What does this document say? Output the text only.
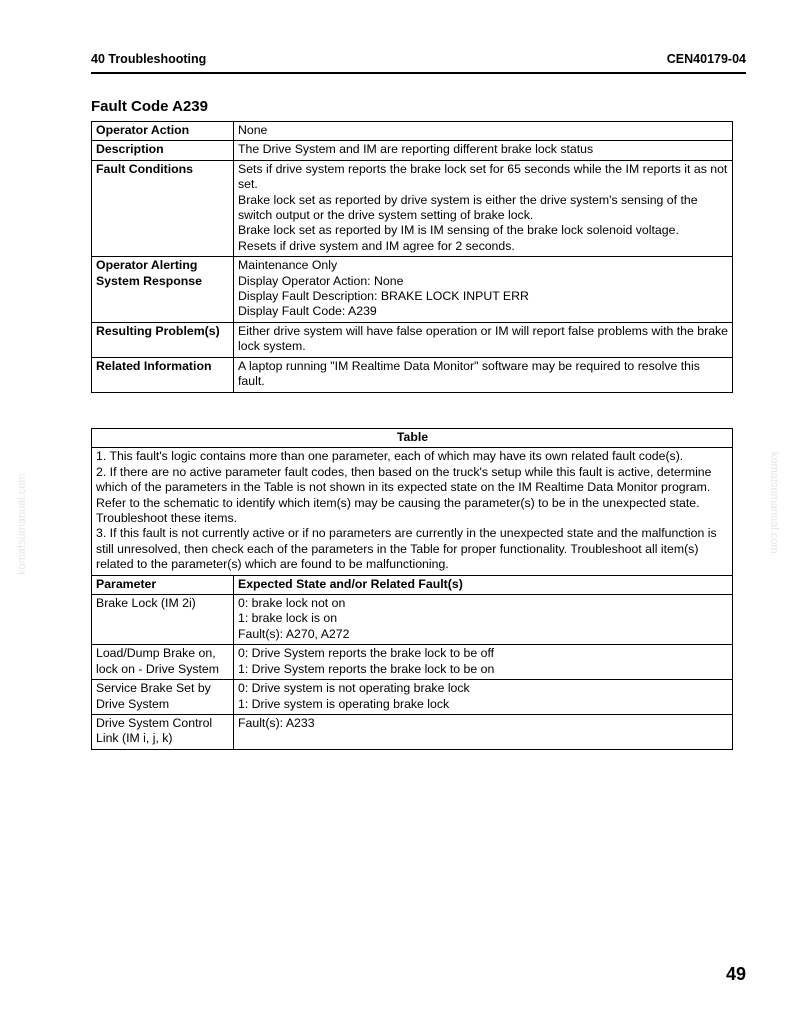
40 Troubleshooting	CEN40179-04
Fault Code A239
Operator Action	None

Description	The Drive System and IM are reporting different brake lock status

Fault Conditions	Sets if drive system reports the brake lock set for 65 seconds while the IM reports it as not set.
Brake lock set as reported by drive system is either the drive system's sensing of the switch output or the drive system setting of brake lock.
Brake lock set as reported by IM is IM sensing of the brake lock solenoid voltage.
Resets if drive system and IM agree for 2 seconds.

Operator Alerting System Response	Maintenance Only
Display Operator Action: None
Display Fault Description: BRAKE LOCK INPUT ERR
Display Fault Code: A239

Resulting Problem(s)	Either drive system will have false operation or IM will report false problems with the brake lock system.

Related Information	A laptop running "IM Realtime Data Monitor" software may be required to resolve this fault.
Table	

1. This fault's logic contains more than one parameter, each of which may have its own related fault code(s).
2. If there are no active parameter fault codes, then based on the truck's setup while this fault is active, determine which of the parameters in the Table is not shown in its expected state on the IM Realtime Data Monitor program. Refer to the schematic to identify which item(s) may be causing the parameter(s) to be in the unexpected state. Troubleshoot these items.
3. If this fault is not currently active or if no parameters are currently in the unexpected state and the malfunction is still unresolved, then check each of the parameters in the Table for proper functionality. Troubleshoot all item(s) related to the parameter(s) which are found to be malfunctioning.	

Parameter	Expected State and/or Related Fault(s)
Brake Lock (IM 2i)	0: brake lock not on
1: brake lock is on
Fault(s): A270, A272

Load/Dump Brake on, lock on - Drive System	0: Drive System reports the brake lock to be off
1: Drive System reports the brake lock to be on

Service Brake Set by Drive System	0: Drive system is not operating brake lock
1: Drive system is operating brake lock

Drive System Control Link (IM i, j, k)	Fault(s): A233
komatsumanual.com	komatsumanual.com
49
